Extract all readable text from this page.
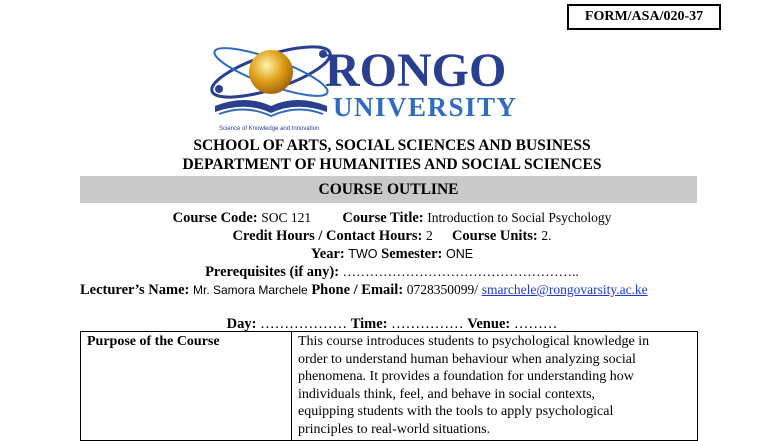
FORM/ASA/020-37
Science of Knowledge and Innovation
RONGO
UNIVERSITY
SCHOOL OF ARTS, SOCIAL SCIENCES AND BUSINESS
DEPARTMENT OF HUMANITIES AND SOCIAL SCIENCES
COURSE OUTLINE
Course Code: SOC 121 Course Title: Introduction to Social Psychology
Credit Hours / Contact Hours: 2 Course Units: 2.
Year: TWO Semester: ONE
Prerequisites (if any): ……………………………………………..
Lecturer’s Name: Mr. Samora Marchele Phone / Email: 0728350099/ smarchele@rongovarsity.ac.ke
Day: ……………… Time: …………… Venue: ………
Purpose of the Course	This course introduces students to psychological knowledge in
order to understand human behaviour when analyzing social
phenomena. It provides a foundation for understanding how
individuals think, feel, and behave in social contexts,
equipping students with the tools to apply psychological
principles to real-world situations.
